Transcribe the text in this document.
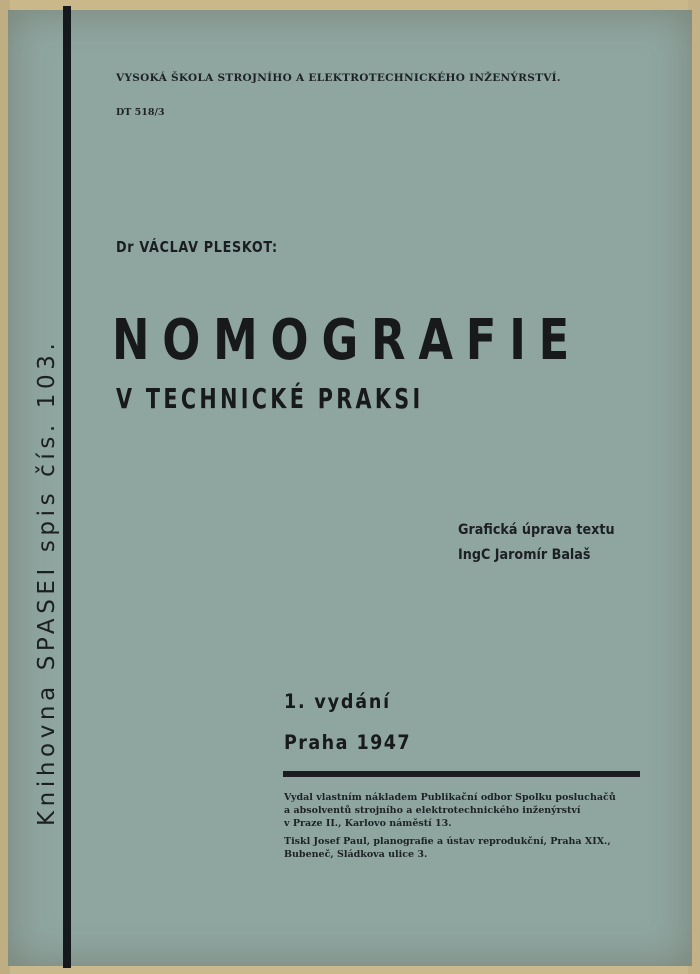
Knihovna SPASEI spis čís. 103.
VYSOKÁ ŠKOLA STROJNÍHO A ELEKTROTECHNICKÉHO INŽENÝRSTVÍ.
DT 518/3
Dr VÁCLAV PLESKOT:
NOMOGRAFIE
V TECHNICKÉ PRAKSI
Grafická úprava textu
IngC Jaromír Balaš
1. vydání
Praha 1947

Vydal vlastním nákladem Publikační odbor Spolku posluchačů
a absolventů strojního a elektrotechnického inženýrství
v Praze II., Karlovo náměstí 13.

Tiskl Josef Paul, planografie a ústav reprodukční, Praha XIX.,
Bubeneč, Sládkova ulice 3.
